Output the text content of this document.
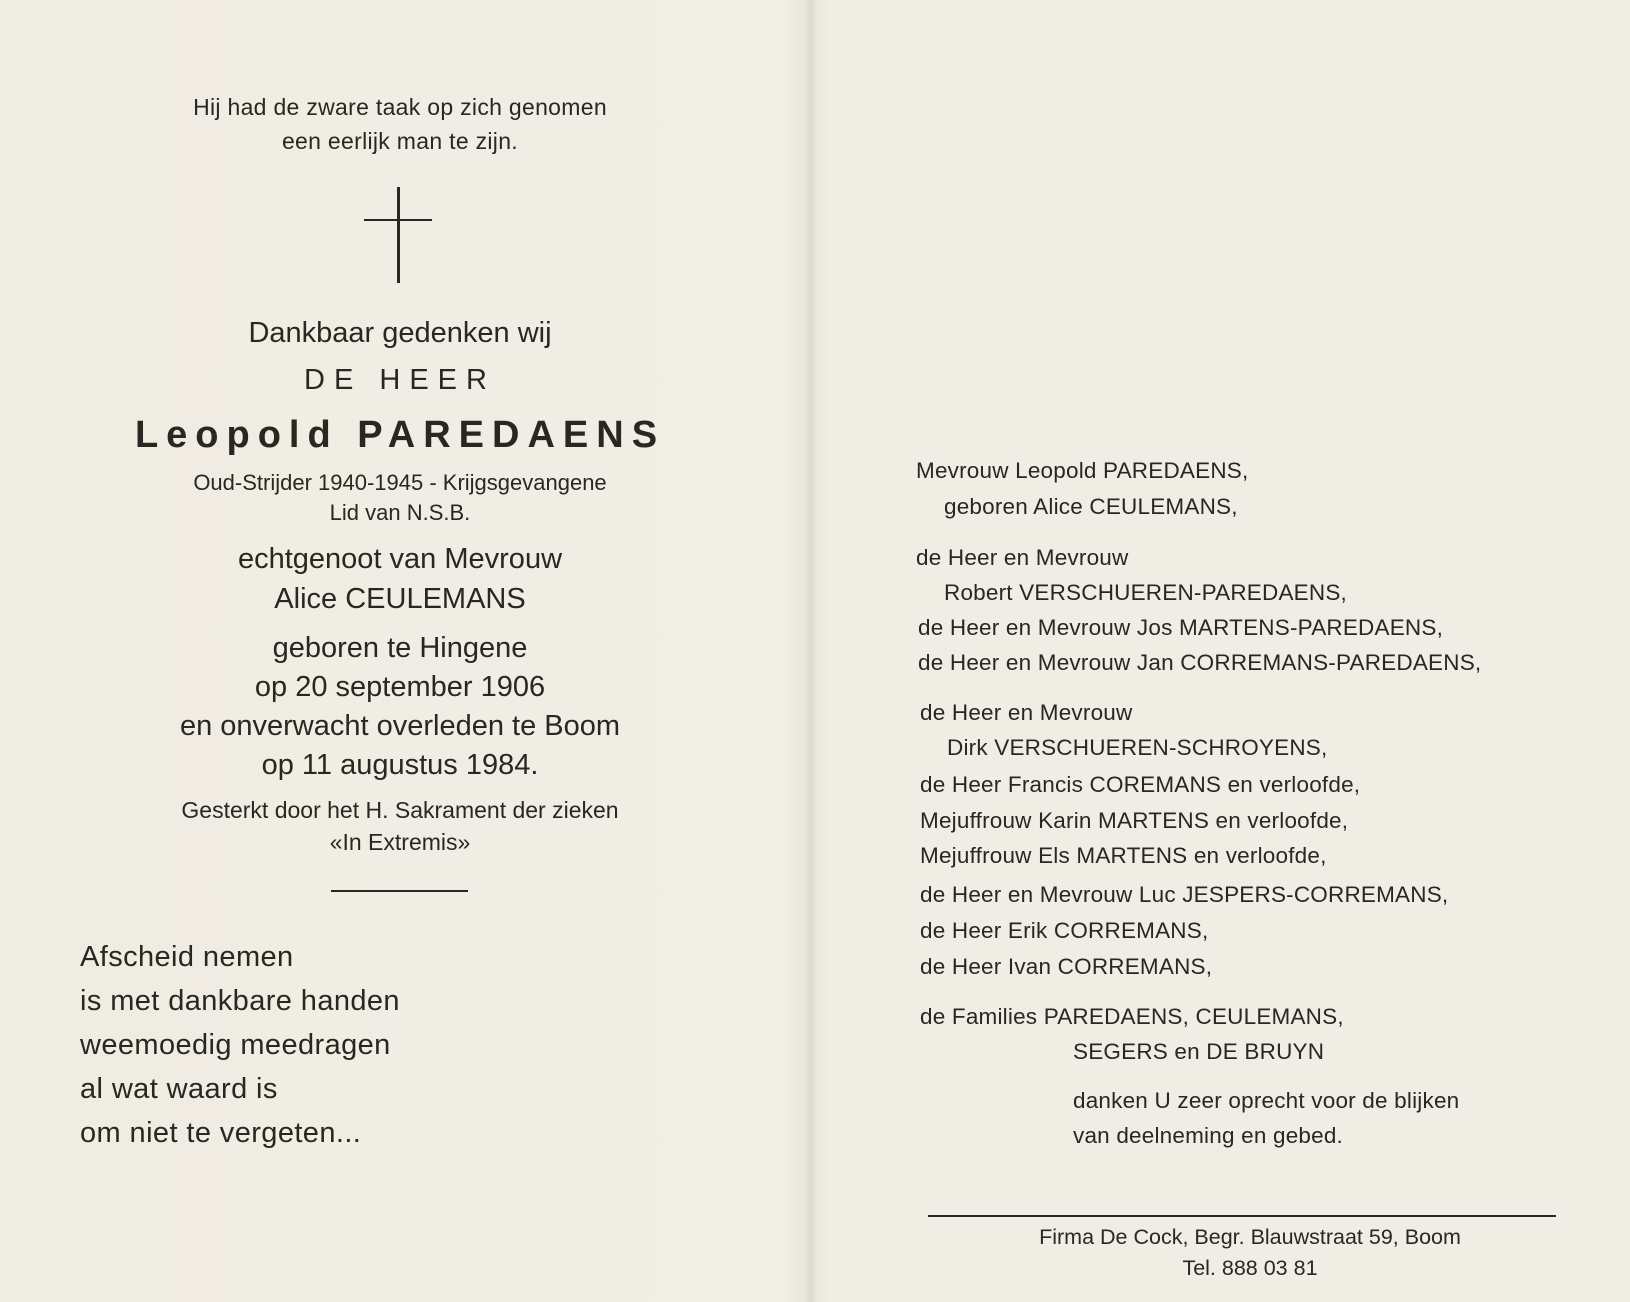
Hij had de zware taak op zich genomen
een eerlijk man te zijn.
Dankbaar gedenken wij
DE HEER
Leopold PAREDAENS
Oud-Strijder 1940-1945 - Krijgsgevangene
Lid van N.S.B.
echtgenoot van Mevrouw
Alice CEULEMANS
geboren te Hingene
op 20 september 1906
en onverwacht overleden te Boom
op 11 augustus 1984.
Gesterkt door het H. Sakrament der zieken
«In Extremis»
Afscheid nemen
is met dankbare handen
weemoedig meedragen
al wat waard is
om niet te vergeten...
Mevrouw Leopold PAREDAENS,
geboren Alice CEULEMANS,
de Heer en Mevrouw
Robert VERSCHUEREN-PAREDAENS,
de Heer en Mevrouw Jos MARTENS-PAREDAENS,
de Heer en Mevrouw Jan CORREMANS-PAREDAENS,
de Heer en Mevrouw
Dirk VERSCHUEREN-SCHROYENS,
de Heer Francis COREMANS en verloofde,
Mejuffrouw Karin MARTENS en verloofde,
Mejuffrouw Els MARTENS en verloofde,
de Heer en Mevrouw Luc JESPERS-CORREMANS,
de Heer Erik CORREMANS,
de Heer Ivan CORREMANS,
de Families PAREDAENS, CEULEMANS,
SEGERS en DE BRUYN
danken U zeer oprecht voor de blijken
van deelneming en gebed.
Firma De Cock, Begr. Blauwstraat 59, Boom
Tel. 888 03 81
